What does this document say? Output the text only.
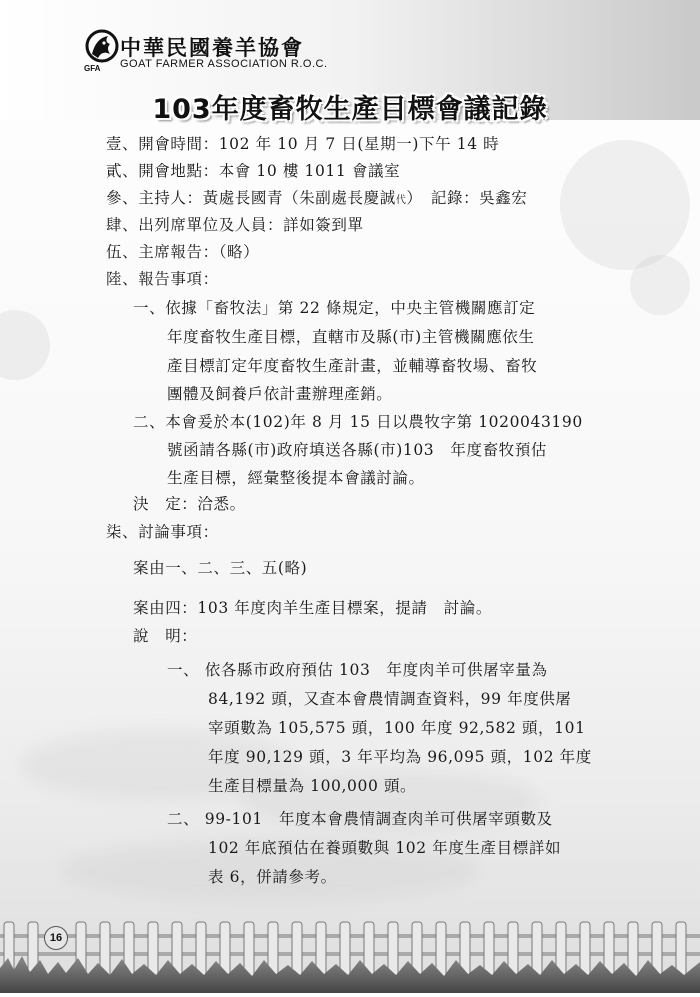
GFA
中華民國養羊協會
GOAT FARMER ASSOCIATION R.O.C.
103年度畜牧生產目標會議記錄
壹、開會時間：102 年 10 月 7 日(星期一)下午 14 時
貳、開會地點：本會 10 樓 1011 會議室
參、主持人：黃處長國青（朱副處長慶誠代）　記錄：吳鑫宏
肆、出列席單位及人員：詳如簽到單
伍、主席報告：（略）
陸、報告事項：
一、依據「畜牧法」第 22 條規定，中央主管機關應訂定
年度畜牧生產目標，直轄市及縣(市)主管機關應依生
產目標訂定年度畜牧生產計畫，並輔導畜牧場、畜牧
團體及飼養戶依計畫辦理產銷。
二、本會爰於本(102)年 8 月 15 日以農牧字第 1020043190
號函請各縣(市)政府填送各縣(市)103　年度畜牧預估
生產目標，經彙整後提本會議討論。
決　定：洽悉。
柒、討論事項：
案由一、二、三、五(略)
案由四：103 年度肉羊生產目標案，提請　討論。
說　明：
一、 依各縣市政府預估 103　年度肉羊可供屠宰量為
84,192 頭，又查本會農情調查資料，99 年度供屠
宰頭數為 105,575 頭，100 年度 92,582 頭，101
年度 90,129 頭，3 年平均為 96,095 頭，102 年度
生產目標量為 100,000 頭。
二、 99-101　年度本會農情調查肉羊可供屠宰頭數及
102 年底預估在養頭數與 102 年度生產目標詳如
表 6，併請參考。
16
